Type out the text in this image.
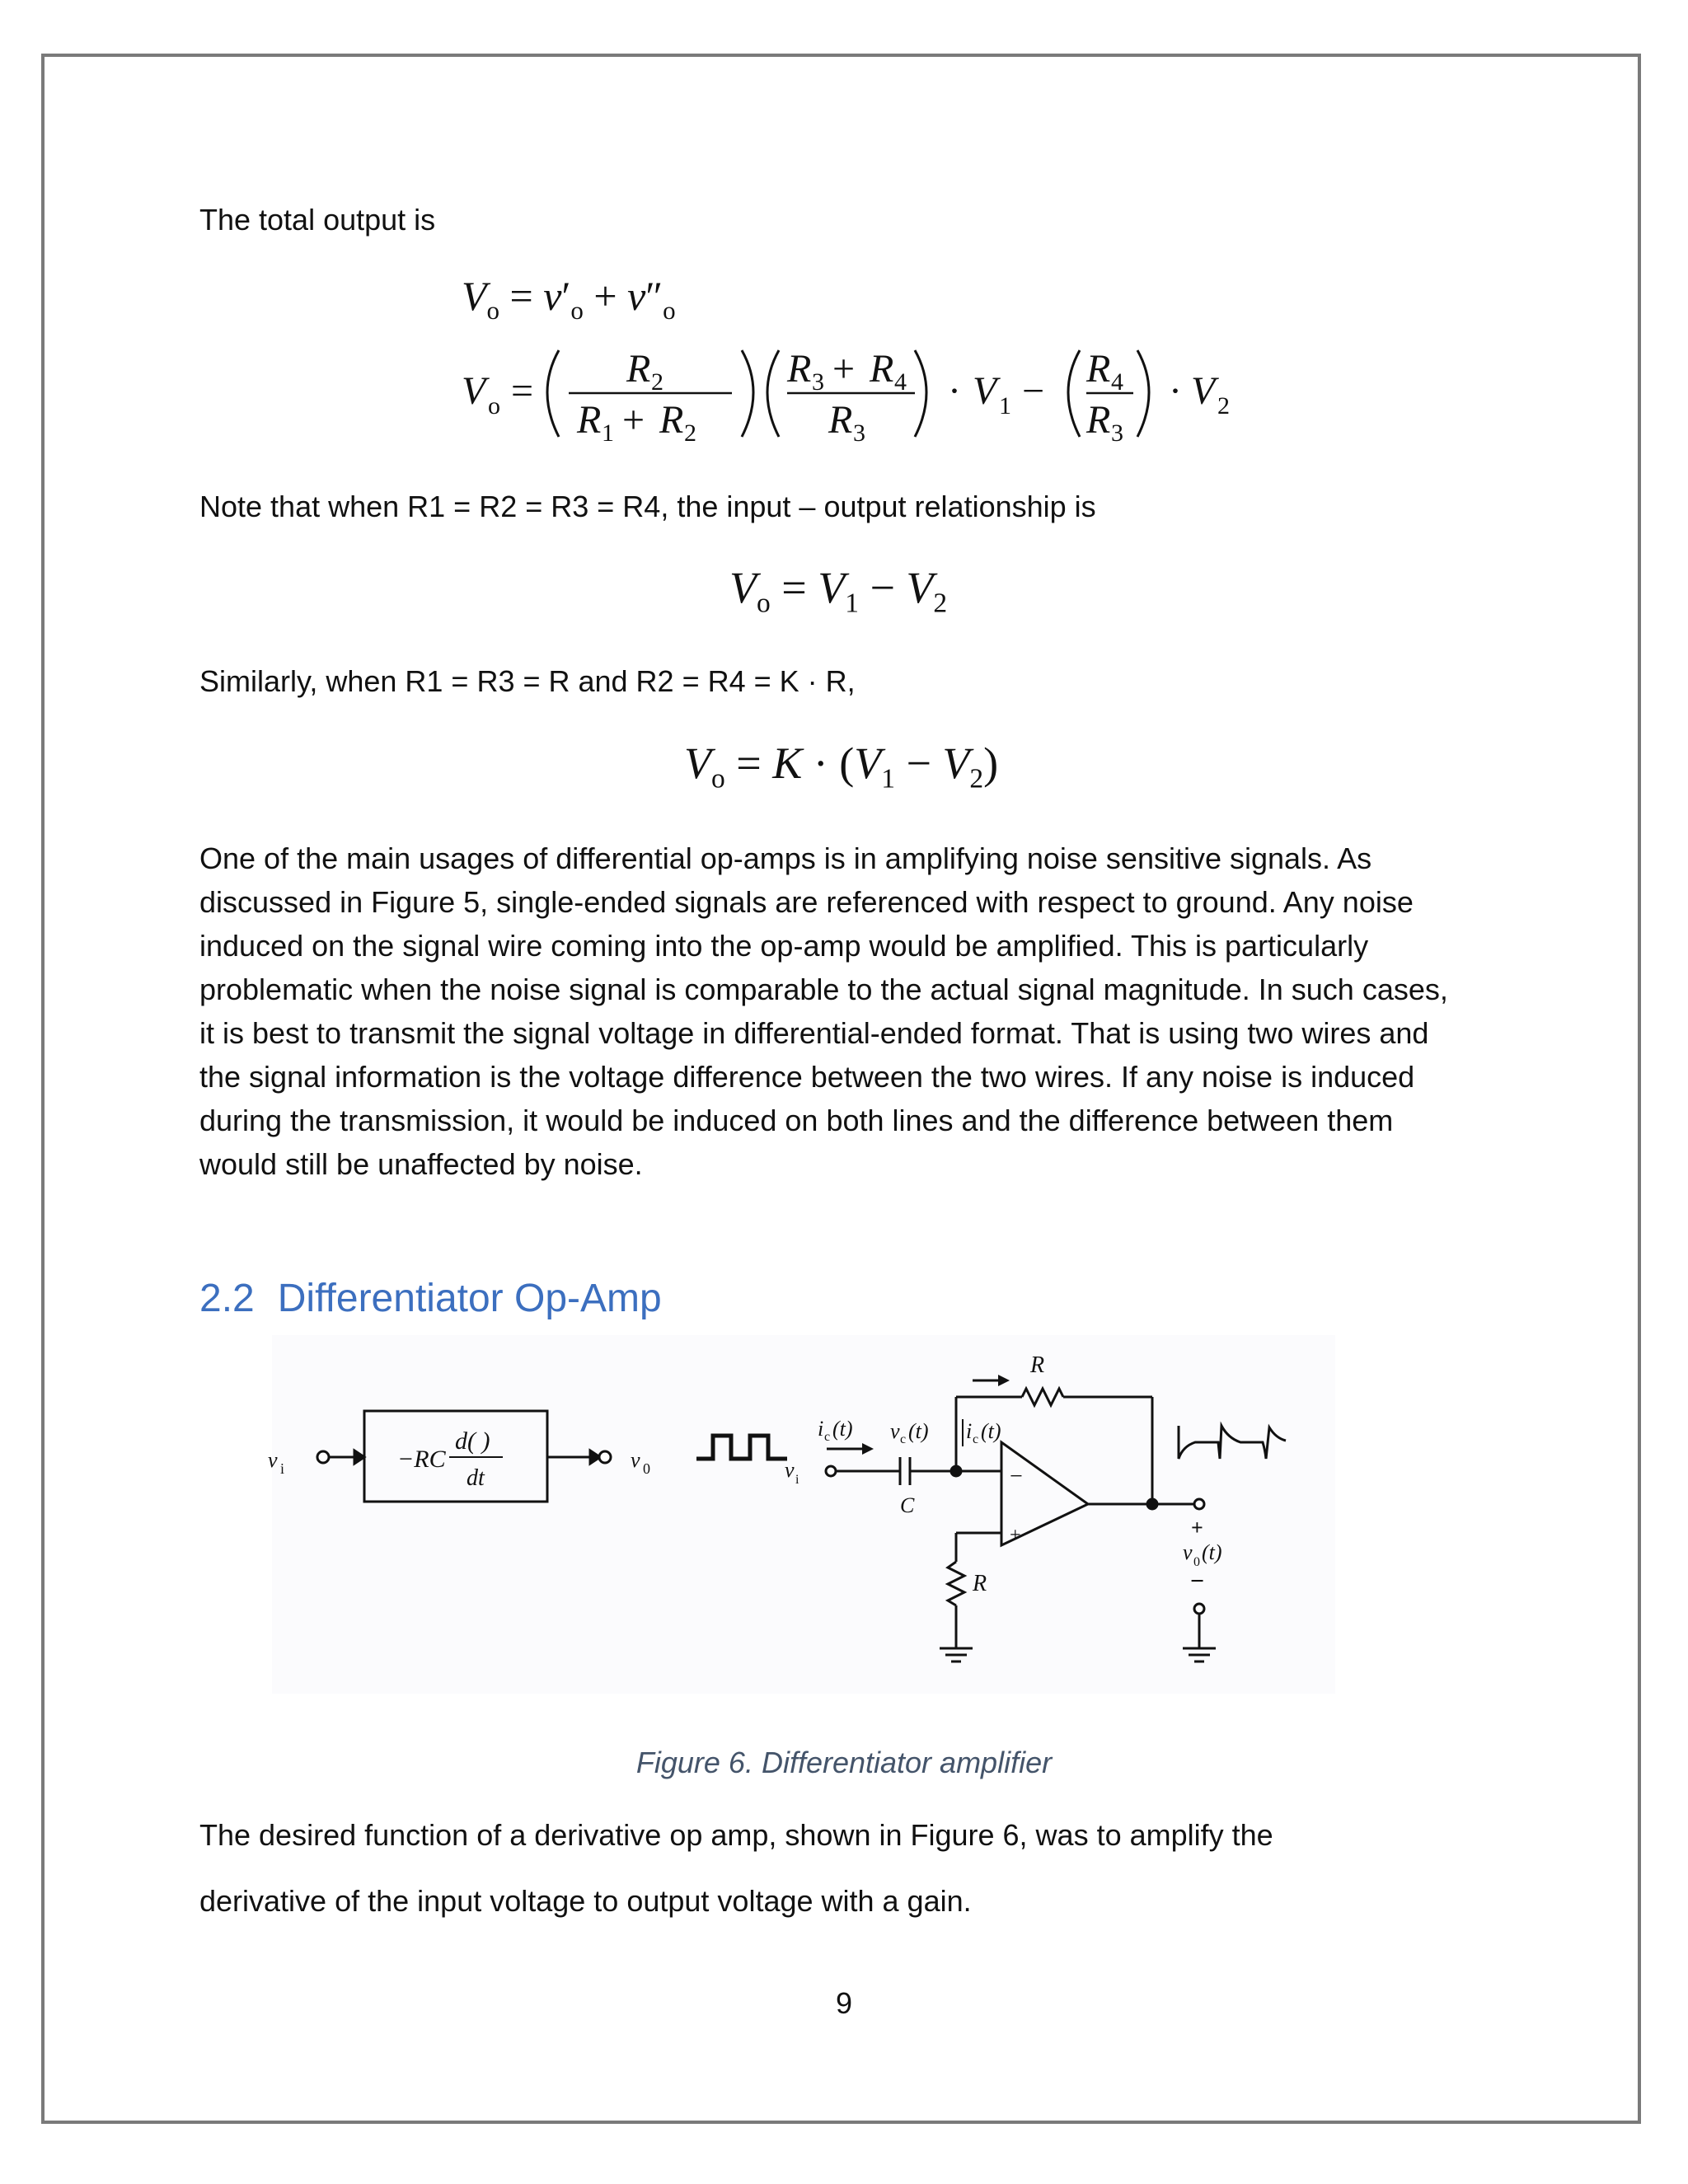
The total output is
$V_o = v'_o + v''_o$
V o =
R 2
R 1 + R 2
R 3 + R 4
R 3
· V 1 −
R 4
R 3
· V 2
Note that when R1 = R2 = R3 = R4, the input – output relationship is
$V_o = V_1 - V_2$
Similarly, when R1 = R3 = R and R2 = R4 = K · R,
$V_o = K \cdot (V_1 - V_2)$
One of the main usages of differential op-amps is in amplifying noise sensitive signals. As
discussed in Figure 5, single-ended signals are referenced with respect to ground. Any noise
induced on the signal wire coming into the op-amp would be amplified. This is particularly
problematic when the noise signal is comparable to the actual signal magnitude. In such cases,
it is best to transmit the signal voltage in differential-ended format. That is using two wires and
the signal information is the voltage difference between the two wires. If any noise is induced
during the transmission, it would be induced on both lines and the difference between them
would still be unaffected by noise.
2.2 Differentiator Op-Amp
v i	−RC
d( )
dt
v 0
i c (t)
v i
v c (t) i c (t)
C
R
R
−
+	+
v 0 (t)
−
Figure 6. Differentiator amplifier
The desired function of a derivative op amp, shown in Figure 6, was to amplify the
derivative of the input voltage to output voltage with a gain.
9
